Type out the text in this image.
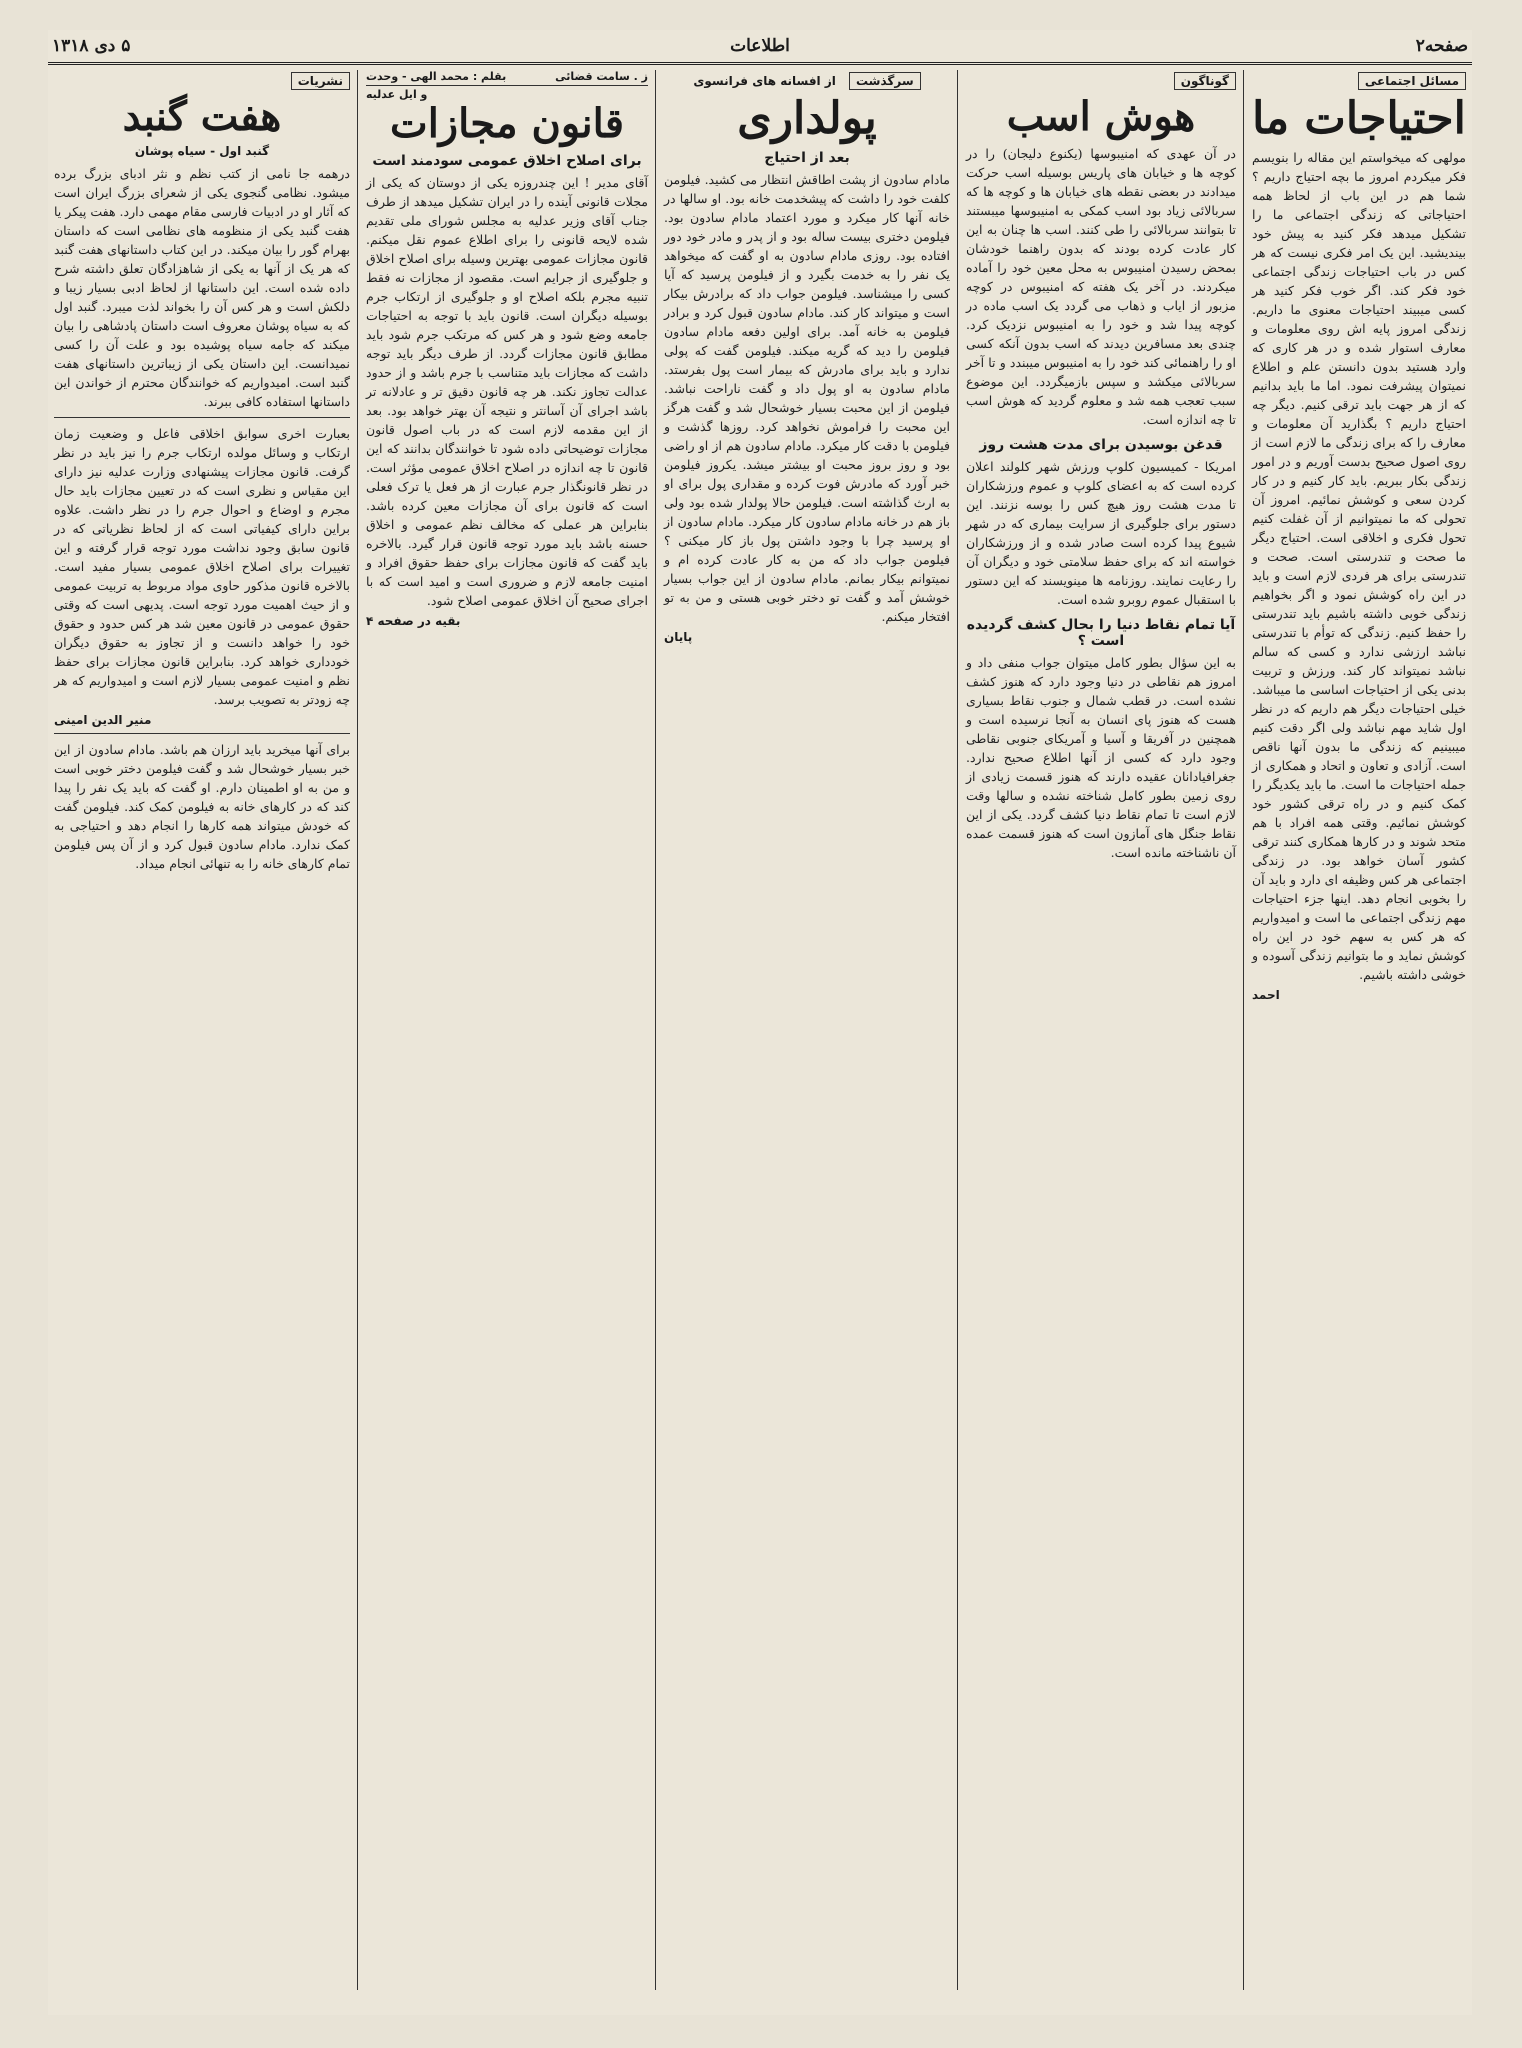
صفحه۲
اطلاعات
۵ دی ۱۳۱۸
مسائل اجتماعی
احتیاجات ما

مولهی که میخواستم این مقاله را بنویسم فکر میکردم امروز ما بچه احتیاج داریم ؟ شما هم در این باب از لحاظ همه احتیاجاتی که زندگی اجتماعی ما را تشکیل میدهد فکر کنید به پیش خود بیندیشید. این یک امر فکری نیست که هر کس در باب احتیاجات زندگی اجتماعی خود فکر کند. اگر خوب فکر کنید هر کسی میبیند احتیاجات معنوی ما داریم. زندگی امروز پایه اش روی معلومات و معارف استوار شده و در هر کاری که وارد هستید بدون دانستن علم و اطلاع نمیتوان پیشرفت نمود. اما ما باید بدانیم که از هر جهت باید ترقی کنیم. دیگر چه احتیاج داریم ؟ بگذارید آن معلومات و معارف را که برای زندگی ما لازم است از روی اصول صحیح بدست آوریم و در امور زندگی بکار ببریم. باید کار کنیم و در کار کردن سعی و کوشش نمائیم. امروز آن تحولی که ما نمیتوانیم از آن غفلت کنیم تحول فکری و اخلاقی است. احتیاج دیگر ما صحت و تندرستی است. صحت و تندرستی برای هر فردی لازم است و باید در این راه کوشش نمود و اگر بخواهیم زندگی خوبی داشته باشیم باید تندرستی را حفظ کنیم. زندگی که توأم با تندرستی نباشد ارزشی ندارد و کسی که سالم نباشد نمیتواند کار کند. ورزش و تربیت بدنی یکی از احتیاجات اساسی ما میباشد. خیلی احتیاجات دیگر هم داریم که در نظر اول شاید مهم نباشد ولی اگر دقت کنیم میبینیم که زندگی ما بدون آنها ناقص است. آزادی و تعاون و اتحاد و همکاری از جمله احتیاجات ما است. ما باید یکدیگر را کمک کنیم و در راه ترقی کشور خود کوشش نمائیم. وقتی همه افراد با هم متحد شوند و در کارها همکاری کنند ترقی کشور آسان خواهد بود. در زندگی اجتماعی هر کس وظیفه ای دارد و باید آن را بخوبی انجام دهد. اینها جزء احتیاجات مهم زندگی اجتماعی ما است و امیدواریم که هر کس به سهم خود در این راه کوشش نماید و ما بتوانیم زندگی آسوده و خوشی داشته باشیم.

احمد
گوناگون
هوش اسب

در آن عهدی که امنیبوسها (یکنوع دلیجان) را در کوچه ها و خیابان های پاریس بوسیله اسب حرکت میدادند در بعضی نقطه های خیابان ها و کوچه ها که سربالائی زیاد بود اسب کمکی به امنیبوسها میبستند تا بتوانند سربالائی را طی کنند. اسب ها چنان به این کار عادت کرده بودند که بدون راهنما خودشان بمحض رسیدن امنیبوس به محل معین خود را آماده میکردند. در آخر یک هفته که امنیبوس در کوچه مزبور از ایاب و ذهاب می گردد یک اسب ماده در کوچه پیدا شد و خود را به امنیبوس نزدیک کرد. چندی بعد مسافرین دیدند که اسب بدون آنکه کسی او را راهنمائی کند خود را به امنیبوس میبندد و تا آخر سربالائی میکشد و سپس بازمیگردد. این موضوع سبب تعجب همه شد و معلوم گردید که هوش اسب تا چه اندازه است.

قدغن بوسیدن برای مدت هشت روز

امریکا - کمیسیون کلوپ ورزش شهر کلولند اعلان کرده است که به اعضای کلوپ و عموم ورزشکاران تا مدت هشت روز هیچ کس را بوسه نزنند. این دستور برای جلوگیری از سرایت بیماری که در شهر شیوع پیدا کرده است صادر شده و از ورزشکاران خواسته اند که برای حفظ سلامتی خود و دیگران آن را رعایت نمایند. روزنامه ها مینویسند که این دستور با استقبال عموم روبرو شده است.

آیا تمام نقاط دنیا را بحال کشف گردیده است ؟

به این سؤال بطور کامل میتوان جواب منفی داد و امروز هم نقاطی در دنیا وجود دارد که هنوز کشف نشده است. در قطب شمال و جنوب نقاط بسیاری هست که هنوز پای انسان به آنجا نرسیده است و همچنین در آفریقا و آسیا و آمریکای جنوبی نقاطی وجود دارد که کسی از آنها اطلاع صحیح ندارد. جغرافیادانان عقیده دارند که هنوز قسمت زیادی از روی زمین بطور کامل شناخته نشده و سالها وقت لازم است تا تمام نقاط دنیا کشف گردد. یکی از این نقاط جنگل های آمازون است که هنوز قسمت عمده آن ناشناخته مانده است.

سرگذشت از افسانه های فرانسوی
پولداری
بعد از احتیاج

مادام سادون از پشت اطاقش انتظار می کشید. فیلومن کلفت خود را داشت که پیشخدمت خانه بود. او سالها در خانه آنها کار میکرد و مورد اعتماد مادام سادون بود. فیلومن دختری بیست ساله بود و از پدر و مادر خود دور افتاده بود. روزی مادام سادون به او گفت که میخواهد یک نفر را به خدمت بگیرد و از فیلومن پرسید که آیا کسی را میشناسد. فیلومن جواب داد که برادرش بیکار است و میتواند کار کند. مادام سادون قبول کرد و برادر فیلومن به خانه آمد. برای اولین دفعه مادام سادون فیلومن را دید که گریه میکند. فیلومن گفت که پولی ندارد و باید برای مادرش که بیمار است پول بفرستد. مادام سادون به او پول داد و گفت ناراحت نباشد. فیلومن از این محبت بسیار خوشحال شد و گفت هرگز این محبت را فراموش نخواهد کرد. روزها گذشت و فیلومن با دقت کار میکرد. مادام سادون هم از او راضی بود و روز بروز محبت او بیشتر میشد. یکروز فیلومن خبر آورد که مادرش فوت کرده و مقداری پول برای او به ارث گذاشته است. فیلومن حالا پولدار شده بود ولی باز هم در خانه مادام سادون کار میکرد. مادام سادون از او پرسید چرا با وجود داشتن پول باز کار میکنی ؟ فیلومن جواب داد که من به کار عادت کرده ام و نمیتوانم بیکار بمانم. مادام سادون از این جواب بسیار خوشش آمد و گفت تو دختر خوبی هستی و من به تو افتخار میکنم.

پایان
ز . سامت قضائی
بقلم : محمد الهی - وحدت
و ایل عدلیه
قانون مجازات
برای اصلاح اخلاق عمومی سودمند است

آقای مدیر ! این چندروزه یکی از دوستان که یکی از مجلات قانونی آینده را در ایران تشکیل میدهد از طرف جناب آقای وزیر عدلیه به مجلس شورای ملی تقدیم شده لایحه قانونی را برای اطلاع عموم نقل میکنم. قانون مجازات عمومی بهترین وسیله برای اصلاح اخلاق و جلوگیری از جرایم است. مقصود از مجازات نه فقط تنبیه مجرم بلکه اصلاح او و جلوگیری از ارتکاب جرم بوسیله دیگران است. قانون باید با توجه به احتیاجات جامعه وضع شود و هر کس که مرتکب جرم شود باید مطابق قانون مجازات گردد. از طرف دیگر باید توجه داشت که مجازات باید متناسب با جرم باشد و از حدود عدالت تجاوز نکند. هر چه قانون دقیق تر و عادلانه تر باشد اجرای آن آسانتر و نتیجه آن بهتر خواهد بود. بعد از این مقدمه لازم است که در باب اصول قانون مجازات توضیحاتی داده شود تا خوانندگان بدانند که این قانون تا چه اندازه در اصلاح اخلاق عمومی مؤثر است. در نظر قانونگذار جرم عبارت از هر فعل یا ترک فعلی است که قانون برای آن مجازات معین کرده باشد. بنابراین هر عملی که مخالف نظم عمومی و اخلاق حسنه باشد باید مورد توجه قانون قرار گیرد. بالاخره باید گفت که قانون مجازات برای حفظ حقوق افراد و امنیت جامعه لازم و ضروری است و امید است که با اجرای صحیح آن اخلاق عمومی اصلاح شود.

بقیه در صفحه ۴
نشریات
هفت گنبد
گنبد اول - سیاه پوشان

درهمه جا نامی از کتب نظم و نثر ادبای بزرگ برده میشود. نظامی گنجوی یکی از شعرای بزرگ ایران است که آثار او در ادبیات فارسی مقام مهمی دارد. هفت پیکر یا هفت گنبد یکی از منظومه های نظامی است که داستان بهرام گور را بیان میکند. در این کتاب داستانهای هفت گنبد که هر یک از آنها به یکی از شاهزادگان تعلق داشته شرح داده شده است. این داستانها از لحاظ ادبی بسیار زیبا و دلکش است و هر کس آن را بخواند لذت میبرد. گنبد اول که به سیاه پوشان معروف است داستان پادشاهی را بیان میکند که جامه سیاه پوشیده بود و علت آن را کسی نمیدانست. این داستان یکی از زیباترین داستانهای هفت گنبد است. امیدواریم که خوانندگان محترم از خواندن این داستانها استفاده کافی ببرند.

بعبارت اخری سوابق اخلاقی فاعل و وضعیت زمان ارتکاب و وسائل مولده ارتکاب جرم را نیز باید در نظر گرفت. قانون مجازات پیشنهادی وزارت عدلیه نیز دارای این مقیاس و نظری است که در تعیین مجازات باید حال مجرم و اوضاع و احوال جرم را در نظر داشت. علاوه براین دارای کیفیاتی است که از لحاظ نظریاتی که در قانون سابق وجود نداشت مورد توجه قرار گرفته و این تغییرات برای اصلاح اخلاق عمومی بسیار مفید است. بالاخره قانون مذکور حاوی مواد مربوط به تربیت عمومی و از حیث اهمیت مورد توجه است. پدیهی است که وقتی حقوق عمومی در قانون معین شد هر کس حدود و حقوق خود را خواهد دانست و از تجاوز به حقوق دیگران خودداری خواهد کرد. بنابراین قانون مجازات برای حفظ نظم و امنیت عمومی بسیار لازم است و امیدواریم که هر چه زودتر به تصویب برسد.

منیر الدین امینی

برای آنها میخرید باید ارزان هم باشد. مادام سادون از این خبر بسیار خوشحال شد و گفت فیلومن دختر خوبی است و من به او اطمینان دارم. او گفت که باید یک نفر را پیدا کند که در کارهای خانه به فیلومن کمک کند. فیلومن گفت که خودش میتواند همه کارها را انجام دهد و احتیاجی به کمک ندارد. مادام سادون قبول کرد و از آن پس فیلومن تمام کارهای خانه را به تنهائی انجام میداد.
